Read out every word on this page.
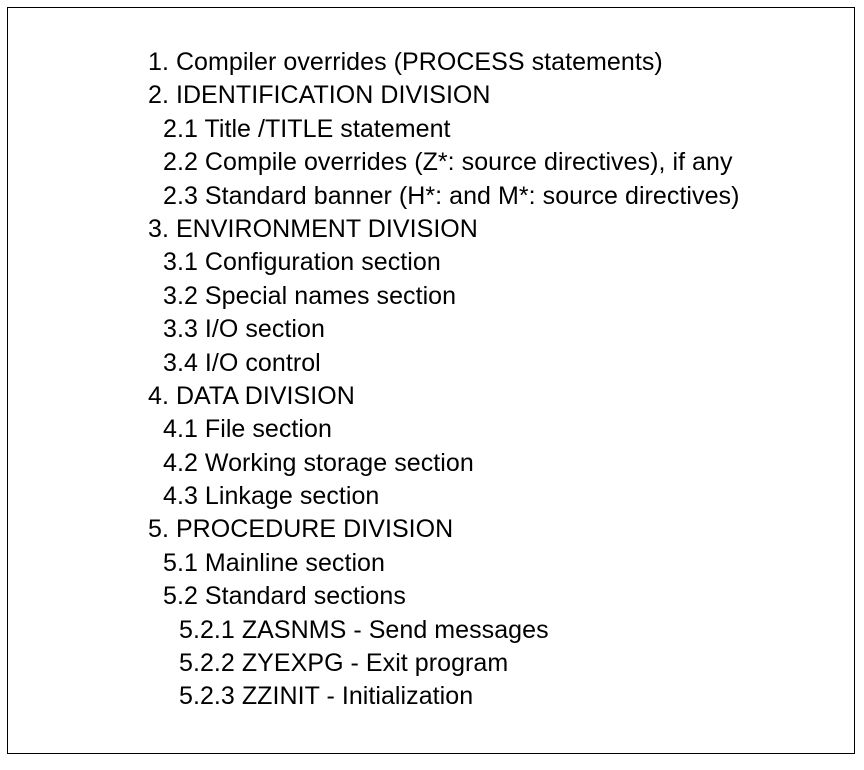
1. Compiler overrides (PROCESS statements)
2. IDENTIFICATION DIVISION
2.1 Title /TITLE statement
2.2 Compile overrides (Z*: source directives), if any
2.3 Standard banner (H*: and M*: source directives)
3. ENVIRONMENT DIVISION
3.1 Configuration section
3.2 Special names section
3.3 I/O section
3.4 I/O control
4. DATA DIVISION
4.1 File section
4.2 Working storage section
4.3 Linkage section
5. PROCEDURE DIVISION
5.1 Mainline section
5.2 Standard sections
5.2.1 ZASNMS - Send messages
5.2.2 ZYEXPG - Exit program
5.2.3 ZZINIT - Initialization
